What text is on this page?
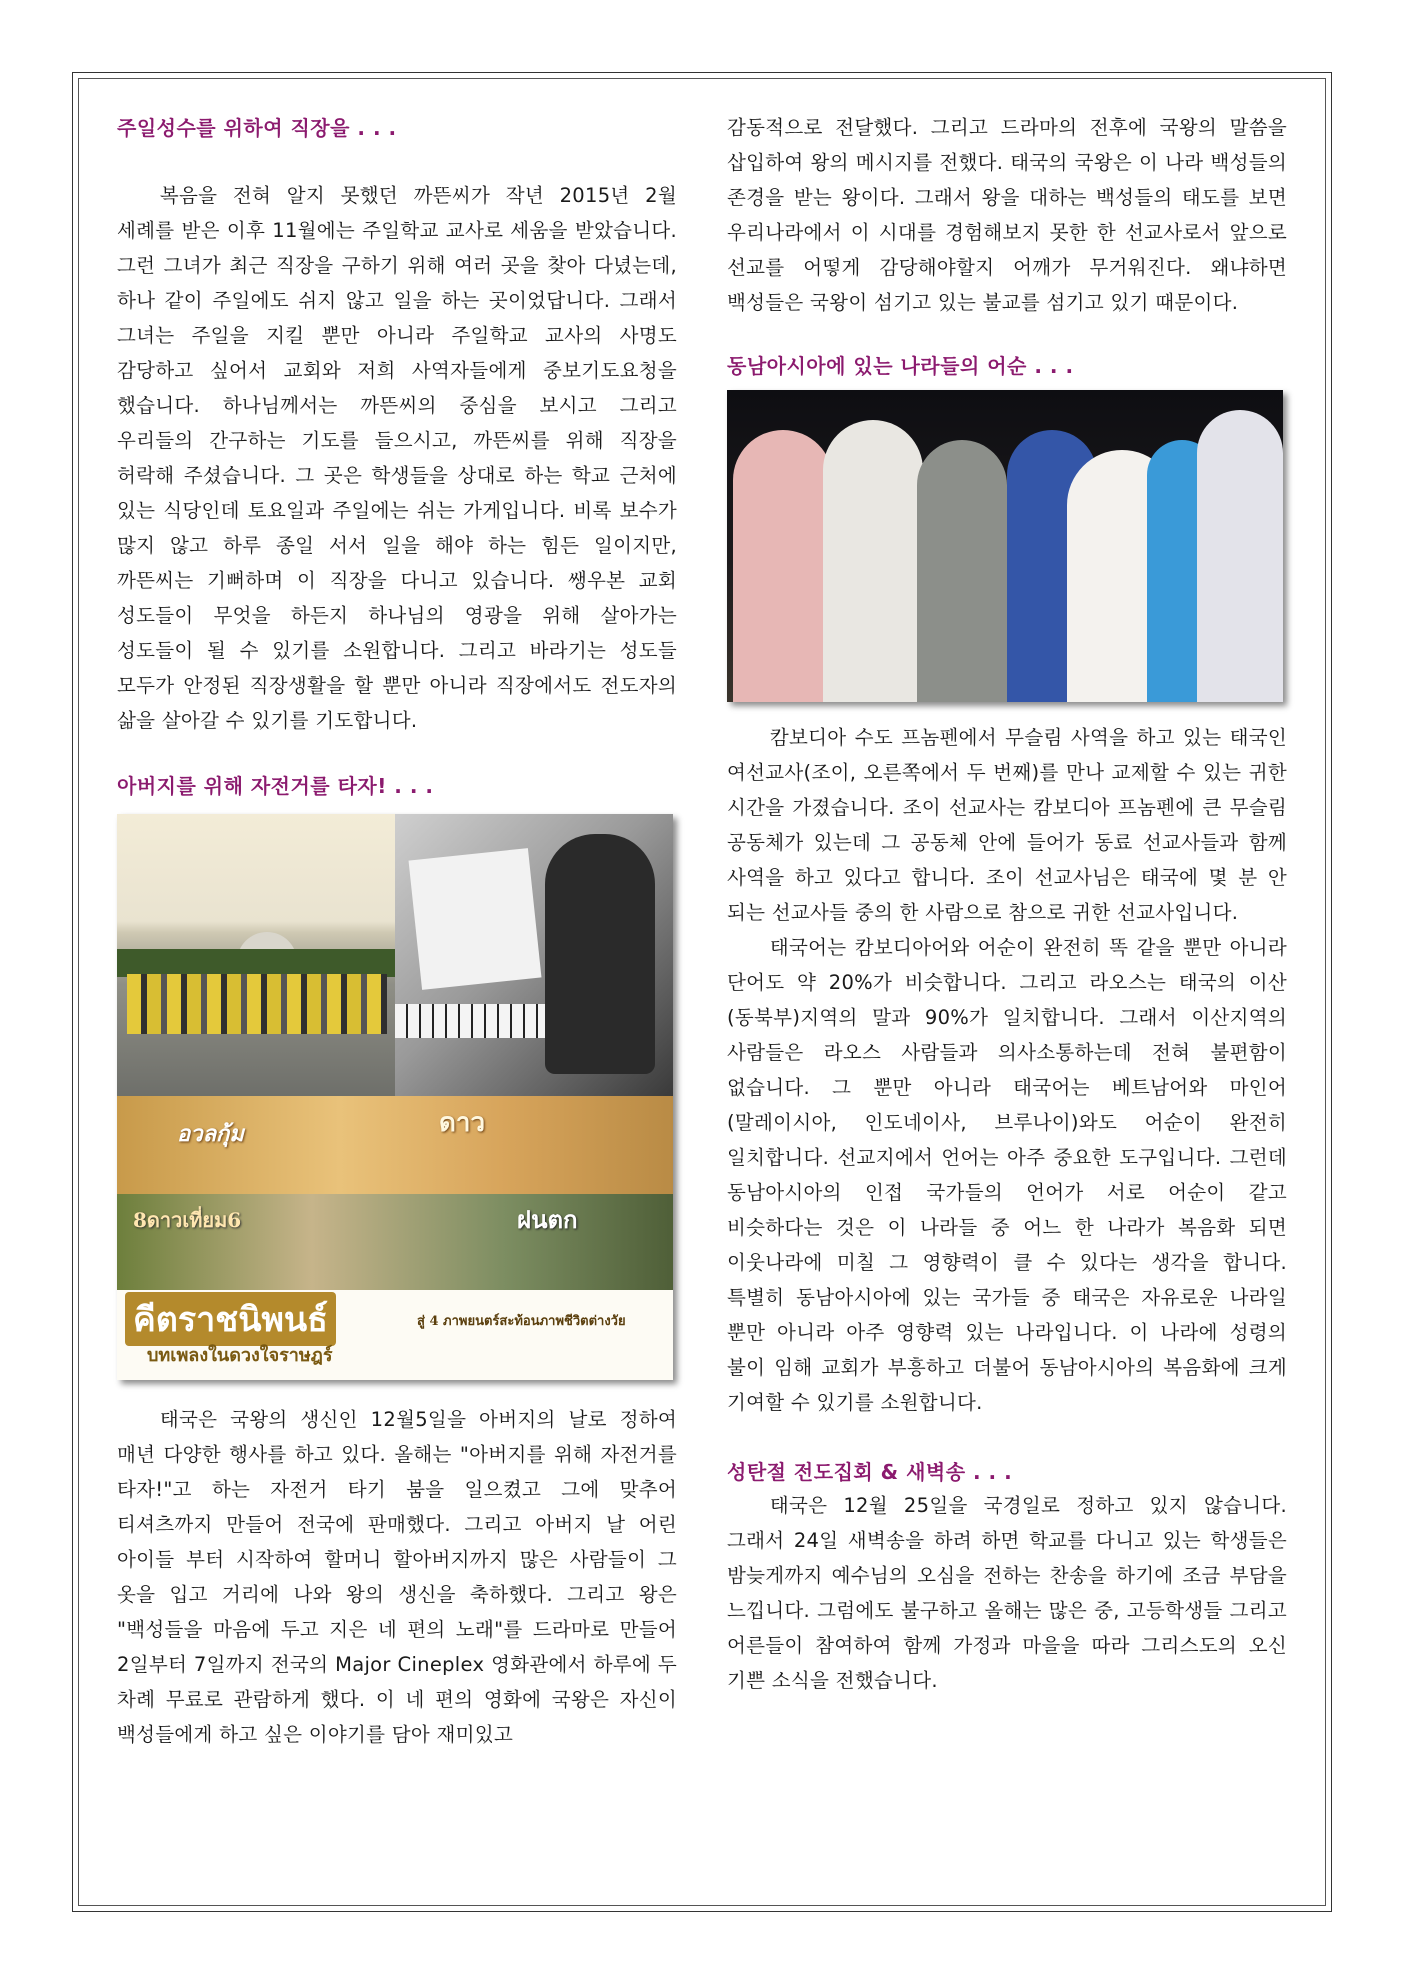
주일성수를 위하여 직장을 . . .

복음을 전혀 알지 못했던 까뜬씨가 작년 2015년 2월 세례를 받은 이후 11월에는 주일학교 교사로 세움을 받았습니다. 그런 그녀가 최근 직장을 구하기 위해 여러 곳을 찾아 다녔는데, 하나 같이 주일에도 쉬지 않고 일을 하는 곳이었답니다. 그래서 그녀는 주일을 지킬 뿐만 아니라 주일학교 교사의 사명도 감당하고 싶어서 교회와 저희 사역자들에게 중보기도요청을 했습니다. 하나님께서는 까뜬씨의 중심을 보시고 그리고 우리들의 간구하는 기도를 들으시고, 까뜬씨를 위해 직장을 허락해 주셨습니다. 그 곳은 학생들을 상대로 하는 학교 근처에 있는 식당인데 토요일과 주일에는 쉬는 가게입니다. 비록 보수가 많지 않고 하루 종일 서서 일을 해야 하는 힘든 일이지만, 까뜬씨는 기뻐하며 이 직장을 다니고 있습니다. 쌩우본 교회 성도들이 무엇을 하든지 하나님의 영광을 위해 살아가는 성도들이 될 수 있기를 소원합니다. 그리고 바라기는 성도들 모두가 안정된 직장생활을 할 뿐만 아니라 직장에서도 전도자의 삶을 살아갈 수 있기를 기도합니다.

아버지를 위해 자전거를 타자! . . .
อวลกุ้ม	ดาว
8ดาวเที่ยม6	ฝนตก
คีตราชนิพนธ์
บทเพลงในดวงใจราษฎร์
สู่ 4 ภาพยนตร์สะท้อนภาพชีวิตต่างวัย

태국은 국왕의 생신인 12월5일을 아버지의 날로 정하여 매년 다양한 행사를 하고 있다. 올해는 "아버지를 위해 자전거를 타자!"고 하는 자전거 타기 붐을 일으켰고 그에 맞추어 티셔츠까지 만들어 전국에 판매했다. 그리고 아버지 날 어린 아이들 부터 시작하여 할머니 할아버지까지 많은 사람들이 그 옷을 입고 거리에 나와 왕의 생신을 축하했다. 그리고 왕은 "백성들을 마음에 두고 지은 네 편의 노래"를 드라마로 만들어 2일부터 7일까지 전국의 Major Cineplex 영화관에서 하루에 두 차례 무료로 관람하게 했다. 이 네 편의 영화에 국왕은 자신이 백성들에게 하고 싶은 이야기를 담아 재미있고

감동적으로 전달했다. 그리고 드라마의 전후에 국왕의 말씀을 삽입하여 왕의 메시지를 전했다. 태국의 국왕은 이 나라 백성들의 존경을 받는 왕이다. 그래서 왕을 대하는 백성들의 태도를 보면 우리나라에서 이 시대를 경험해보지 못한 한 선교사로서 앞으로 선교를 어떻게 감당해야할지 어깨가 무거워진다. 왜냐하면 백성들은 국왕이 섬기고 있는 불교를 섬기고 있기 때문이다.

동남아시아에 있는 나라들의 어순 . . .

캄보디아 수도 프놈펜에서 무슬림 사역을 하고 있는 태국인 여선교사(조이, 오른쪽에서 두 번째)를 만나 교제할 수 있는 귀한 시간을 가졌습니다. 조이 선교사는 캄보디아 프놈펜에 큰 무슬림 공동체가 있는데 그 공동체 안에 들어가 동료 선교사들과 함께 사역을 하고 있다고 합니다. 조이 선교사님은 태국에 몇 분 안 되는 선교사들 중의 한 사람으로 참으로 귀한 선교사입니다.

태국어는 캄보디아어와 어순이 완전히 똑 같을 뿐만 아니라 단어도 약 20%가 비슷합니다. 그리고 라오스는 태국의 이산(동북부)지역의 말과 90%가 일치합니다. 그래서 이산지역의 사람들은 라오스 사람들과 의사소통하는데 전혀 불편함이 없습니다. 그 뿐만 아니라 태국어는 베트남어와 마인어(말레이시아, 인도네이사, 브루나이)와도 어순이 완전히 일치합니다. 선교지에서 언어는 아주 중요한 도구입니다. 그런데 동남아시아의 인접 국가들의 언어가 서로 어순이 같고 비슷하다는 것은 이 나라들 중 어느 한 나라가 복음화 되면 이웃나라에 미칠 그 영향력이 클 수 있다는 생각을 합니다. 특별히 동남아시아에 있는 국가들 중 태국은 자유로운 나라일 뿐만 아니라 아주 영향력 있는 나라입니다. 이 나라에 성령의 불이 임해 교회가 부흥하고 더불어 동남아시아의 복음화에 크게 기여할 수 있기를 소원합니다.

성탄절 전도집회 & 새벽송 . . .

태국은 12월 25일을 국경일로 정하고 있지 않습니다. 그래서 24일 새벽송을 하려 하면 학교를 다니고 있는 학생들은 밤늦게까지 예수님의 오심을 전하는 찬송을 하기에 조금 부담을 느낍니다. 그럼에도 불구하고 올해는 많은 중, 고등학생들 그리고 어른들이 참여하여 함께 가정과 마을을 따라 그리스도의 오신 기쁜 소식을 전했습니다.
